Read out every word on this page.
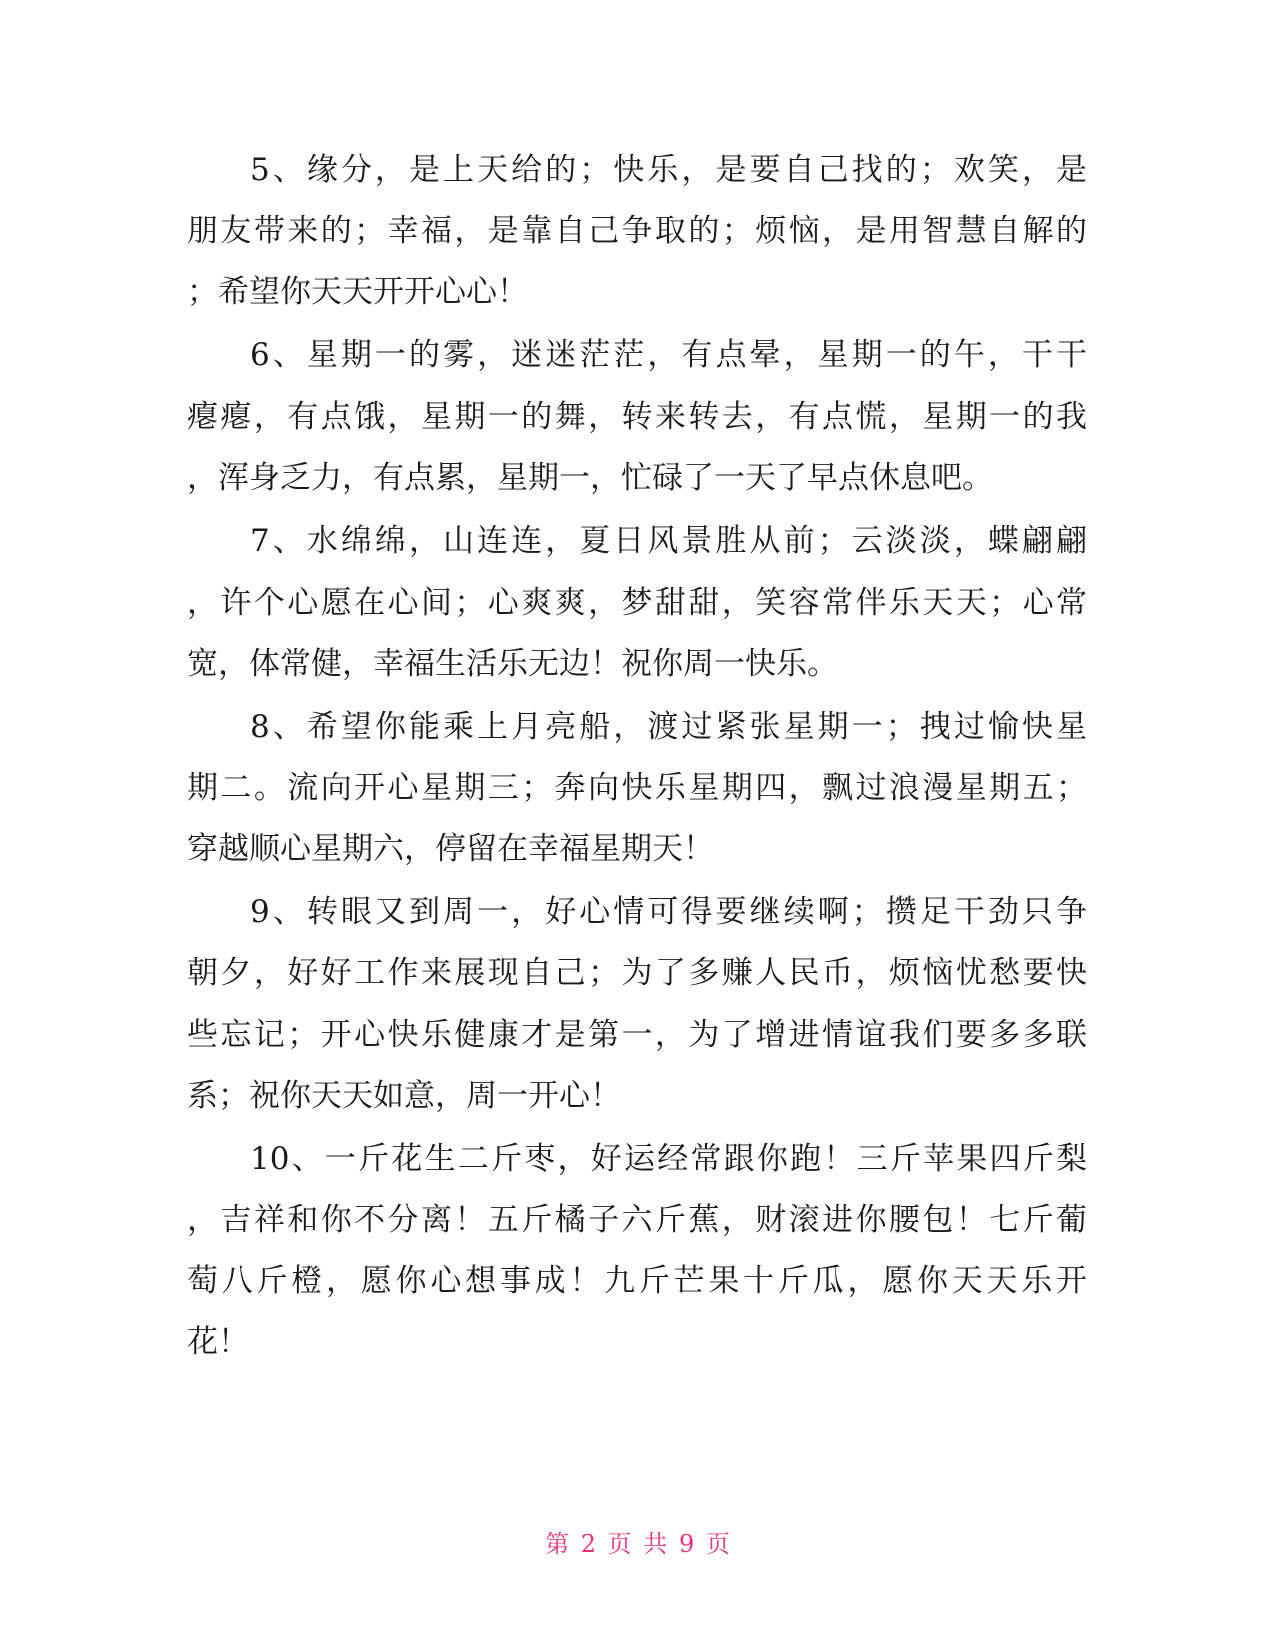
5、缘分，是上天给的；快乐，是要自己找的；欢笑，是
朋友带来的；幸福，是靠自己争取的；烦恼，是用智慧自解的
；希望你天天开开心心！
6、星期一的雾，迷迷茫茫，有点晕，星期一的午，干干
瘪瘪，有点饿，星期一的舞，转来转去，有点慌，星期一的我
，浑身乏力，有点累，星期一，忙碌了一天了早点休息吧。
7、水绵绵，山连连，夏日风景胜从前；云淡淡，蝶翩翩
，许个心愿在心间；心爽爽，梦甜甜，笑容常伴乐天天；心常
宽，体常健，幸福生活乐无边！祝你周一快乐。
8、希望你能乘上月亮船，渡过紧张星期一；拽过愉快星
期二。流向开心星期三；奔向快乐星期四，飘过浪漫星期五；
穿越顺心星期六，停留在幸福星期天！
9、转眼又到周一，好心情可得要继续啊；攒足干劲只争
朝夕，好好工作来展现自己；为了多赚人民币，烦恼忧愁要快
些忘记；开心快乐健康才是第一，为了增进情谊我们要多多联
系；祝你天天如意，周一开心！
10、一斤花生二斤枣，好运经常跟你跑！三斤苹果四斤梨
，吉祥和你不分离！五斤橘子六斤蕉，财滚进你腰包！七斤葡
萄八斤橙，愿你心想事成！九斤芒果十斤瓜，愿你天天乐开
花！
第 2 页 共 9 页
